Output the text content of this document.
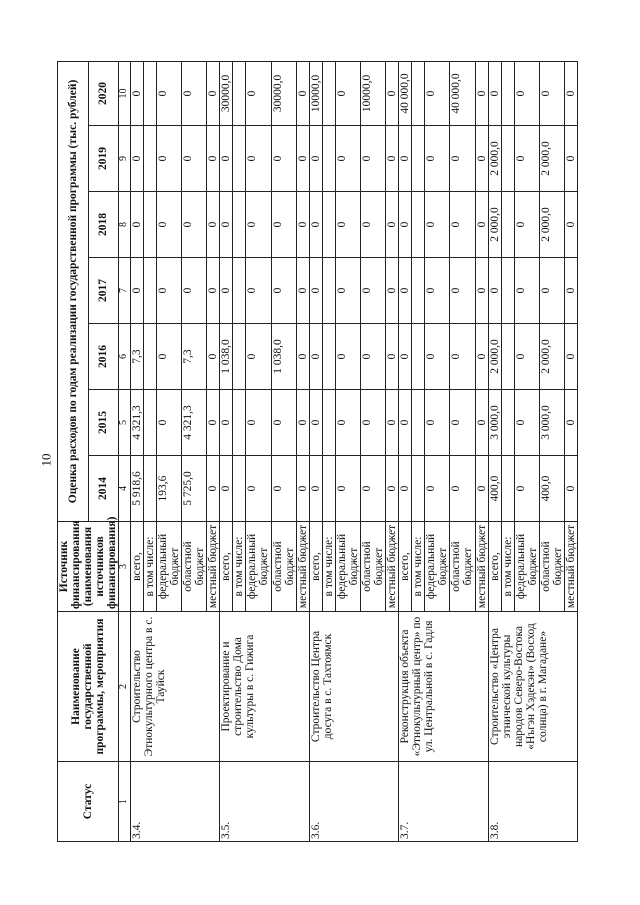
10
Статус	Наименование государственной программы, мероприятия	Источник финансирования (наименования источников финансирования)	Оценка расходов по годам реализации государственной программы (тыс. рублей)						
			2014	2015	2016	2017	2018	2019	2020
1	2	3	4	5	6	7	8	9	10
3.4.	Строительство Этнокультурного центра в с. Тауйск	всего,	5 918,6	4 321,3	7,3	0	0	0	0
		в том числе:							
		федеральный бюджет	193,6	0	0	0	0	0	0
		областной бюджет	5 725,0	4 321,3	7,3	0	0	0	0
		местный бюджет	0	0	0	0	0	0	0
3.5.	Проектирование и строительство Дома культуры в с. Гижига	всего,	0	0	1 038,0	0	0	0	30000,0
		в том числе:							
		федеральный бюджет	0	0	0	0	0	0	0
		областной бюджет	0	0	1 038,0	0	0	0	30000,0
		местный бюджет	0	0	0	0	0	0	0
3.6.	Строительство Центра досуга в с. Тахтоямск	всего,	0	0	0	0	0	0	10000,0
		в том числе:							
		федеральный бюджет	0	0	0	0	0	0	0
		областной бюджет	0	0	0	0	0	0	10000,0
		местный бюджет	0	0	0	0	0	0	0
3.7.	Реконструкция объекта «Этнокультурный центр» по ул. Центральной в с. Гадля	всего,	0	0	0	0	0	0	40 000,0
		в том числе:							
		федеральный бюджет	0	0	0	0	0	0	0
		областной бюджет	0	0	0	0	0	0	40 000,0
		местный бюджет	0	0	0	0	0	0	0
3.8.	Строительство «Центра этнической культуры народов Северо-Востока «Нъгэн Хэдекэн» (Восход солнца) в г. Магадане»	всего,	400,0	3 000,0	2 000,0	0	2 000,0	2 000,0	0
		в том числе:							
		федеральный бюджет	0	0	0	0	0	0	0
		областной бюджет	400,0	3 000,0	2 000,0	0	2 000,0	2 000,0	0
		местный бюджет	0	0	0	0	0	0	0
